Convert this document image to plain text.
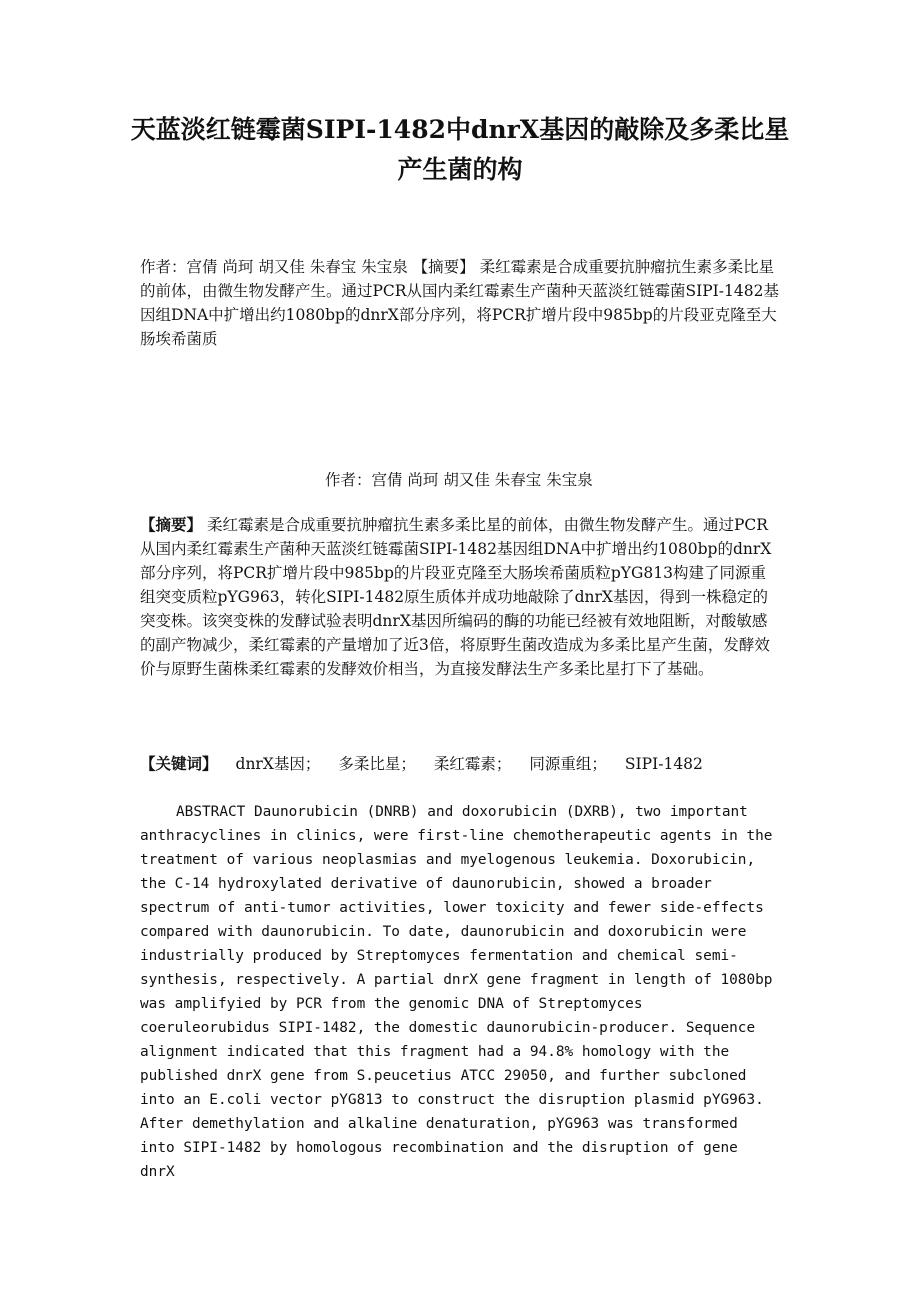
天蓝淡红链霉菌SIPI-1482中dnrX基因的敲除及多柔比星产生菌的构

作者：宫倩 尚珂 胡又佳 朱春宝 朱宝泉 【摘要】 柔红霉素是合成重要抗肿瘤抗生素多柔比星的前体，由微生物发酵产生。通过PCR从国内柔红霉素生产菌种天蓝淡红链霉菌SIPI-1482基因组DNA中扩增出约1080bp的dnrX部分序列，将PCR扩增片段中985bp的片段亚克隆至大肠埃希菌质

作者：宫倩 尚珂 胡又佳 朱春宝 朱宝泉

【摘要】 柔红霉素是合成重要抗肿瘤抗生素多柔比星的前体，由微生物发酵产生。通过PCR从国内柔红霉素生产菌种天蓝淡红链霉菌SIPI-1482基因组DNA中扩增出约1080bp的dnrX部分序列，将PCR扩增片段中985bp的片段亚克隆至大肠埃希菌质粒pYG813构建了同源重组突变质粒pYG963，转化SIPI-1482原生质体并成功地敲除了dnrX基因，得到一株稳定的突变株。该突变株的发酵试验表明dnrX基因所编码的酶的功能已经被有效地阻断，对酸敏感的副产物减少，柔红霉素的产量增加了近3倍，将原野生菌改造成为多柔比星产生菌，发酵效价与原野生菌株柔红霉素的发酵效价相当，为直接发酵法生产多柔比星打下了基础。

【关键词】 dnrX基因； 多柔比星； 柔红霉素； 同源重组； SIPI-1482

ABSTRACT Daunorubicin (DNRB) and doxorubicin (DXRB), two important anthracyclines in clinics, were first-line chemotherapeutic agents in the treatment of various neoplasmias and myelogenous leukemia. Doxorubicin, the C-14 hydroxylated derivative of daunorubicin, showed a broader spectrum of anti-tumor activities, lower toxicity and fewer side-effects compared with daunorubicin. To date, daunorubicin and doxorubicin were industrially produced by Streptomyces fermentation and chemical semi-synthesis, respectively. A partial dnrX gene fragment in length of 1080bp was amplifyied by PCR from the genomic DNA of Streptomyces coeruleorubidus SIPI-1482, the domestic daunorubicin-producer. Sequence alignment indicated that this fragment had a 94.8% homology with the published dnrX gene from S.peucetius ATCC 29050, and further subcloned into an E.coli vector pYG813 to construct the disruption plasmid pYG963. After demethylation and alkaline denaturation, pYG963 was transformed into SIPI-1482 by homologous recombination and the disruption of gene dnrX
